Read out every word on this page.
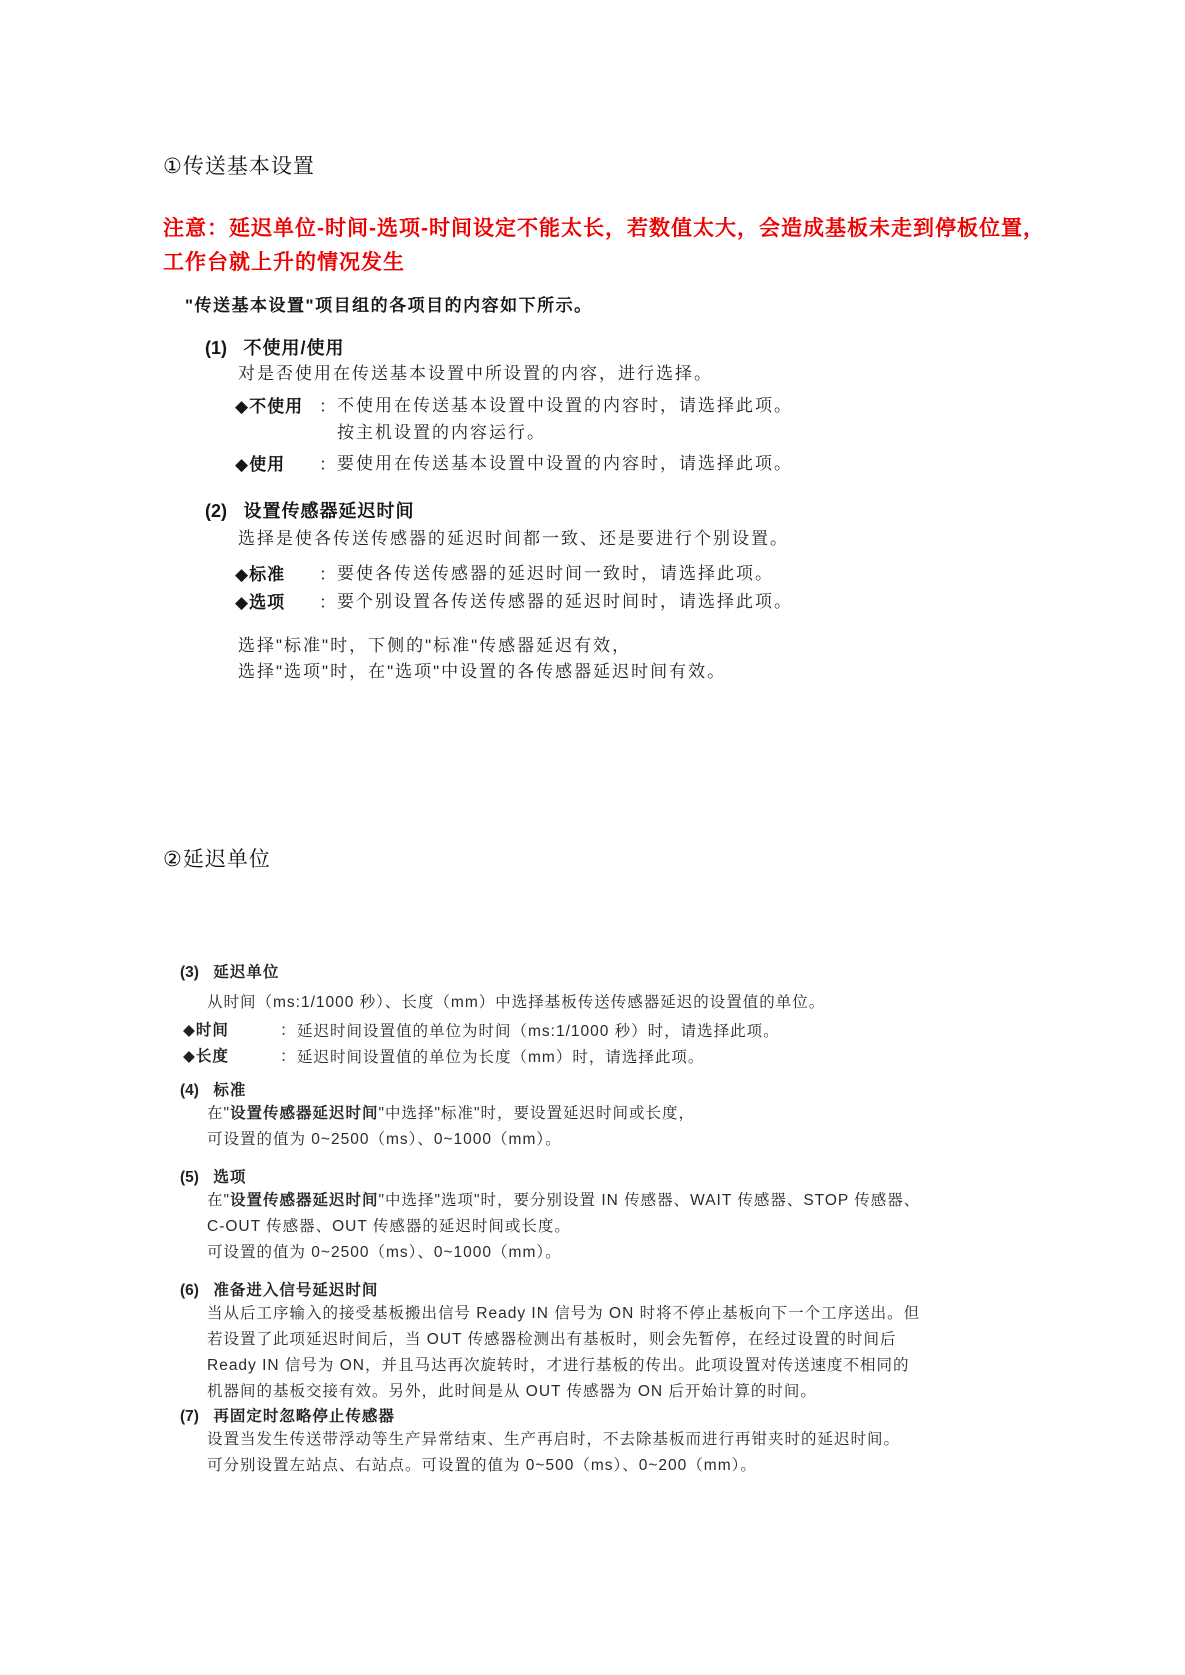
①传送基本设置
注意：延迟单位-时间-选项-时间设定不能太长，若数值太大，会造成基板未走到停板位置，
工作台就上升的情况发生
"传送基本设置"项目组的各项目的内容如下所示。
(1) 不使用/使用
对是否使用在传送基本设置中所设置的内容，进行选择。
◆不使用 ： 不使用在传送基本设置中设置的内容时，请选择此项。
按主机设置的内容运行。
◆使用	： 要使用在传送基本设置中设置的内容时，请选择此项。
(2) 设置传感器延迟时间
选择是使各传送传感器的延迟时间都一致、还是要进行个别设置。
◆标准	： 要使各传送传感器的延迟时间一致时，请选择此项。
◆选项	： 要个别设置各传送传感器的延迟时间时，请选择此项。
选择"标准"时，下侧的"标准"传感器延迟有效，
选择"选项"时，在"选项"中设置的各传感器延迟时间有效。
②延迟单位
(3) 延迟单位
从时间（ms:1/1000 秒）、长度（mm）中选择基板传送传感器延迟的设置值的单位。
◆时间	： 延迟时间设置值的单位为时间（ms:1/1000 秒）时，请选择此项。
◆长度	： 延迟时间设置值的单位为长度（mm）时，请选择此项。
(4) 标准
在"设置传感器延迟时间"中选择"标准"时，要设置延迟时间或长度，
可设置的值为 0~2500（ms）、0~1000（mm）。
(5) 选项
在"设置传感器延迟时间"中选择"选项"时，要分别设置 IN 传感器、WAIT 传感器、STOP 传感器、
C-OUT 传感器、OUT 传感器的延迟时间或长度。
可设置的值为 0~2500（ms）、0~1000（mm）。
(6) 准备进入信号延迟时间
当从后工序输入的接受基板搬出信号 Ready IN 信号为 ON 时将不停止基板向下一个工序送出。但
若设置了此项延迟时间后，当 OUT 传感器检测出有基板时，则会先暂停，在经过设置的时间后
Ready IN 信号为 ON，并且马达再次旋转时，才进行基板的传出。此项设置对传送速度不相同的
机器间的基板交接有效。另外，此时间是从 OUT 传感器为 ON 后开始计算的时间。
(7) 再固定时忽略停止传感器
设置当发生传送带浮动等生产异常结束、生产再启时，不去除基板而进行再钳夹时的延迟时间。
可分别设置左站点、右站点。可设置的值为 0~500（ms）、0~200（mm）。
